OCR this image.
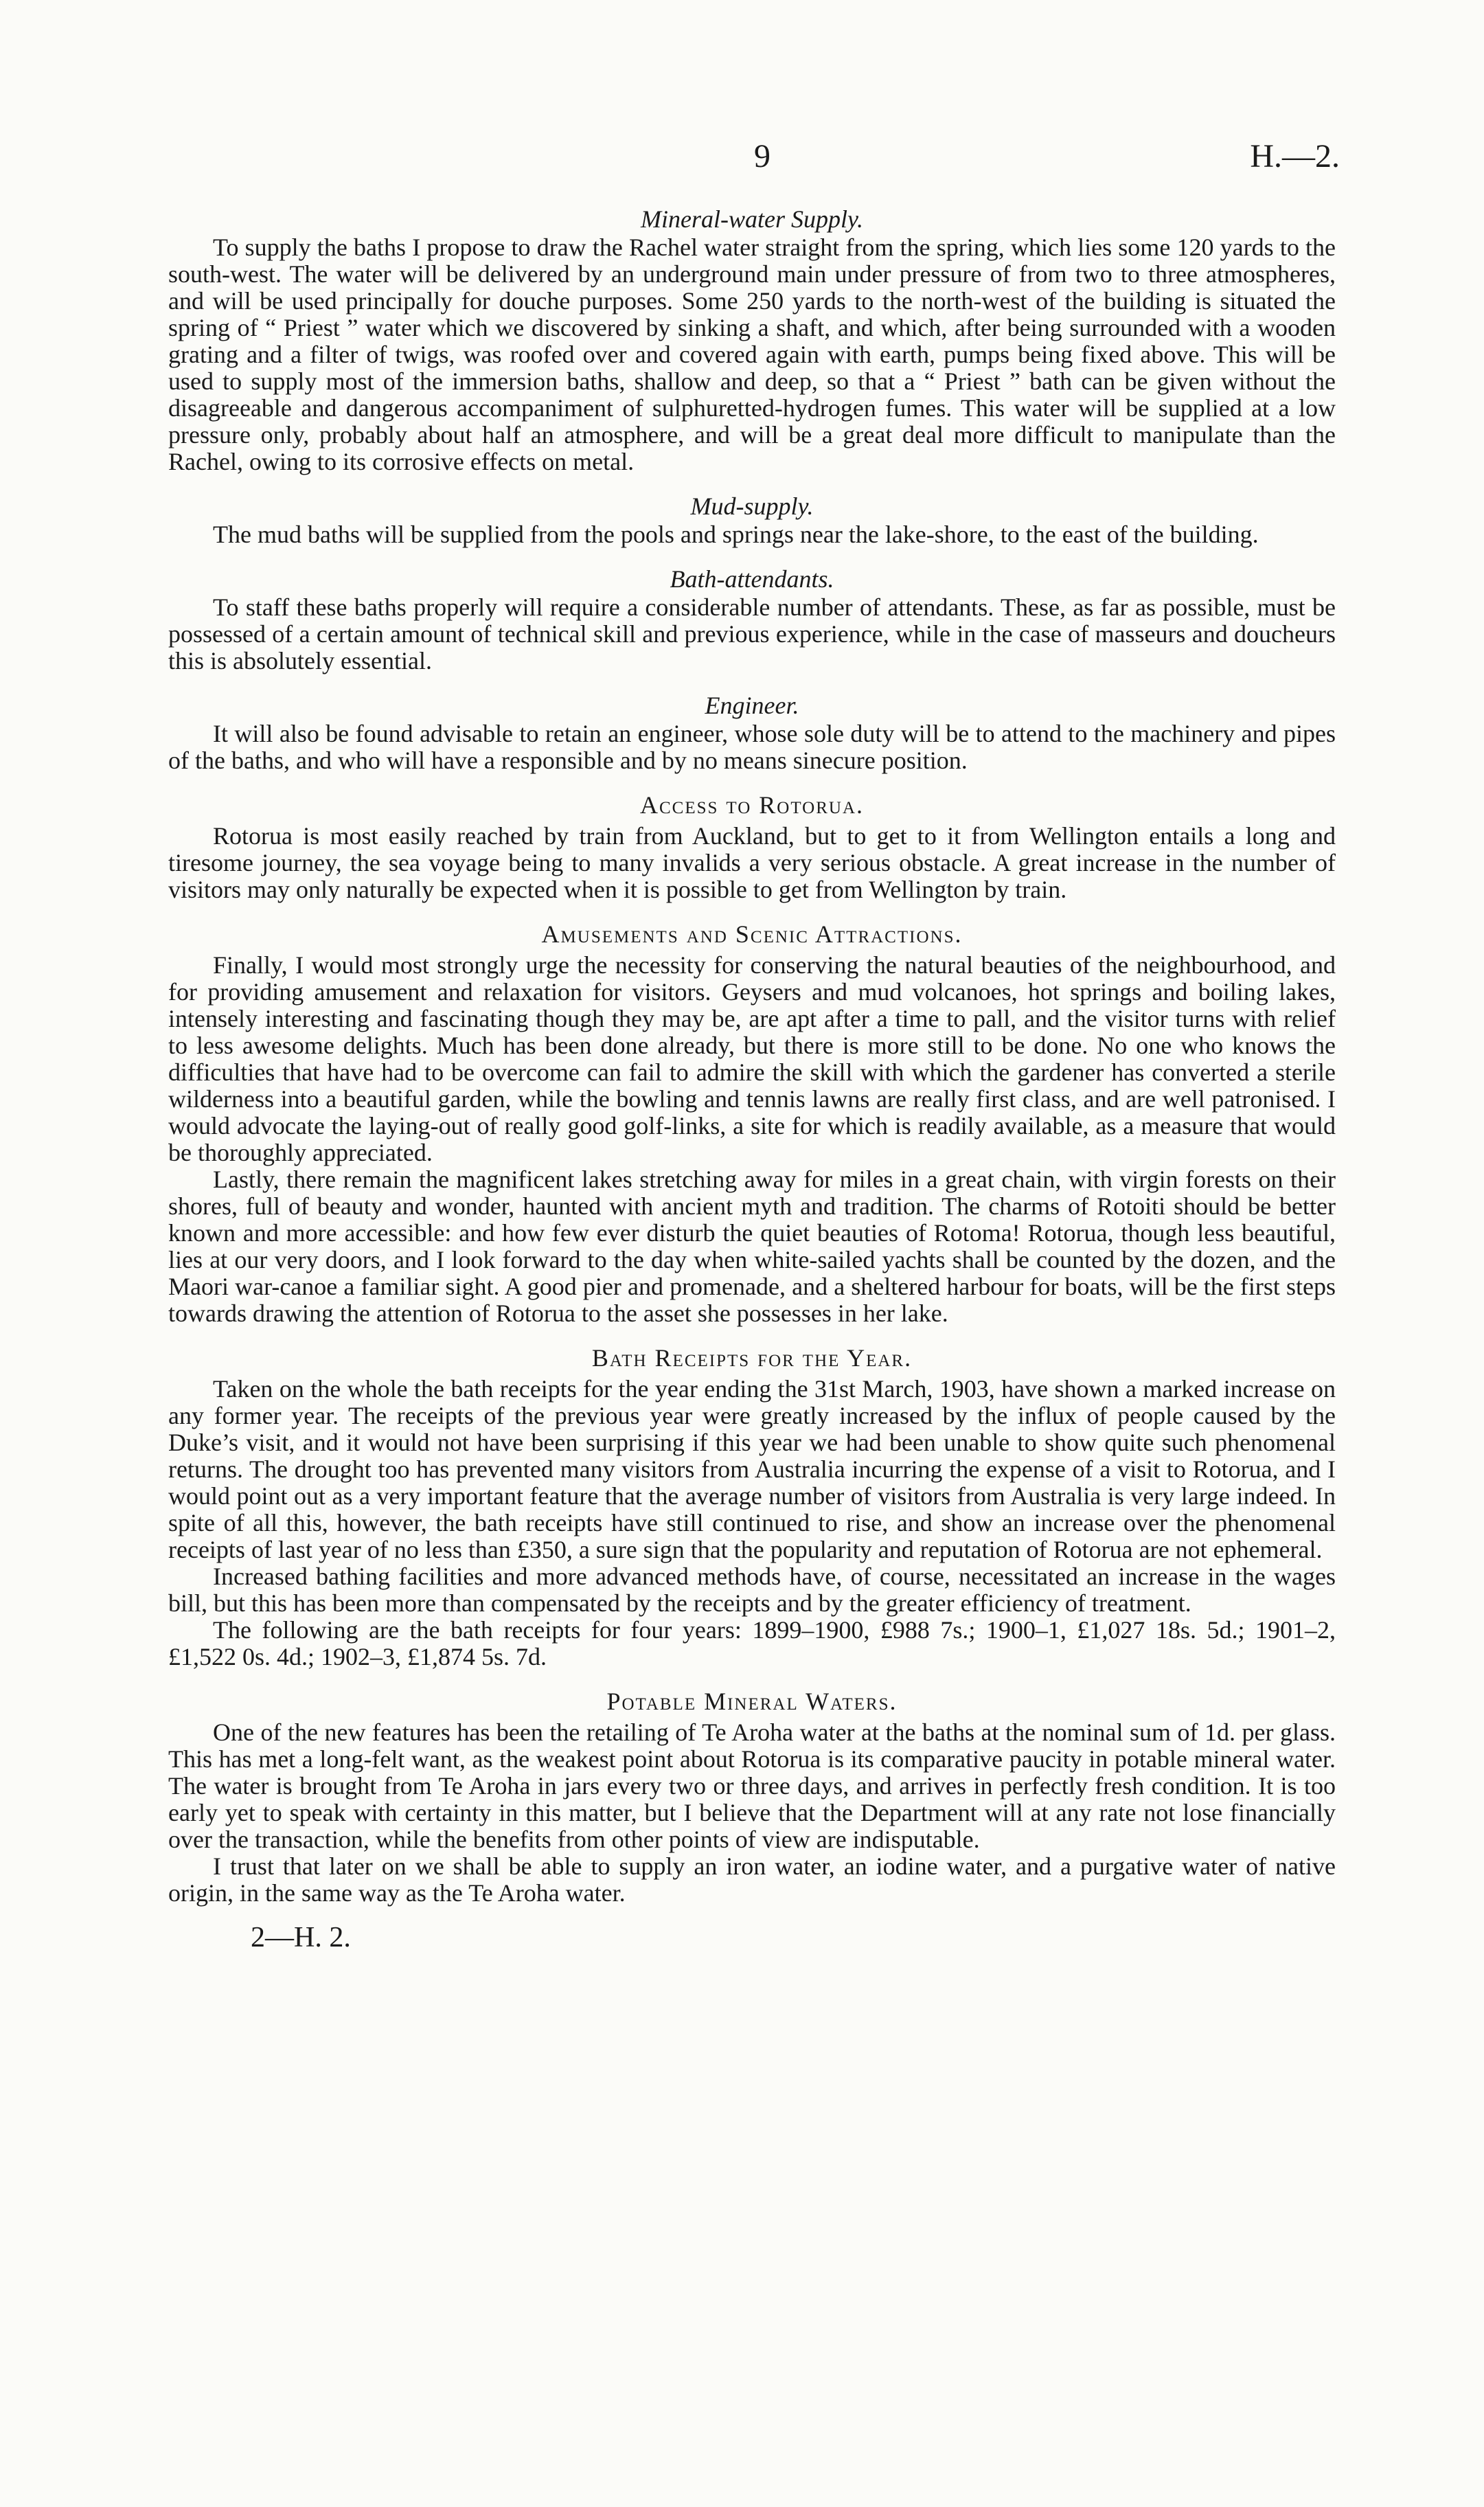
9	H.—2.
Mineral-water Supply.

To supply the baths I propose to draw the Rachel water straight from the spring, which lies some 120 yards to the south-west. The water will be delivered by an underground main under pressure of from two to three atmospheres, and will be used principally for douche purposes. Some 250 yards to the north-west of the building is situated the spring of “ Priest ” water which we discovered by sinking a shaft, and which, after being surrounded with a wooden grating and a filter of twigs, was roofed over and covered again with earth, pumps being fixed above. This will be used to supply most of the immersion baths, shallow and deep, so that a “ Priest ” bath can be given without the disagreeable and dangerous accompaniment of sulphuretted-hydrogen fumes. This water will be supplied at a low pressure only, probably about half an atmosphere, and will be a great deal more difficult to manipulate than the Rachel, owing to its corrosive effects on metal.

Mud-supply.

The mud baths will be supplied from the pools and springs near the lake-shore, to the east of the building.

Bath-attendants.

To staff these baths properly will require a considerable number of attendants. These, as far as possible, must be possessed of a certain amount of technical skill and previous experience, while in the case of masseurs and doucheurs this is absolutely essential.

Engineer.

It will also be found advisable to retain an engineer, whose sole duty will be to attend to the machinery and pipes of the baths, and who will have a responsible and by no means sinecure position.

Access to Rotorua.

Rotorua is most easily reached by train from Auckland, but to get to it from Wellington entails a long and tiresome journey, the sea voyage being to many invalids a very serious obstacle. A great increase in the number of visitors may only naturally be expected when it is possible to get from Wellington by train.

Amusements and Scenic Attractions.

Finally, I would most strongly urge the necessity for conserving the natural beauties of the neighbourhood, and for providing amusement and relaxation for visitors. Geysers and mud volcanoes, hot springs and boiling lakes, intensely interesting and fascinating though they may be, are apt after a time to pall, and the visitor turns with relief to less awesome delights. Much has been done already, but there is more still to be done. No one who knows the difficulties that have had to be overcome can fail to admire the skill with which the gardener has converted a sterile wilderness into a beautiful garden, while the bowling and tennis lawns are really first class, and are well patronised. I would advocate the laying-out of really good golf-links, a site for which is readily available, as a measure that would be thoroughly appreciated.

Lastly, there remain the magnificent lakes stretching away for miles in a great chain, with virgin forests on their shores, full of beauty and wonder, haunted with ancient myth and tradition. The charms of Rotoiti should be better known and more accessible: and how few ever disturb the quiet beauties of Rotoma! Rotorua, though less beautiful, lies at our very doors, and I look forward to the day when white-sailed yachts shall be counted by the dozen, and the Maori war-canoe a familiar sight. A good pier and promenade, and a sheltered harbour for boats, will be the first steps towards drawing the attention of Rotorua to the asset she possesses in her lake.

Bath Receipts for the Year.

Taken on the whole the bath receipts for the year ending the 31st March, 1903, have shown a marked increase on any former year. The receipts of the previous year were greatly increased by the influx of people caused by the Duke’s visit, and it would not have been surprising if this year we had been unable to show quite such phenomenal returns. The drought too has prevented many visitors from Australia incurring the expense of a visit to Rotorua, and I would point out as a very important feature that the average number of visitors from Australia is very large indeed. In spite of all this, however, the bath receipts have still continued to rise, and show an increase over the phenomenal receipts of last year of no less than £350, a sure sign that the popularity and reputation of Rotorua are not ephemeral.

Increased bathing facilities and more advanced methods have, of course, necessitated an increase in the wages bill, but this has been more than compensated by the receipts and by the greater efficiency of treatment.

The following are the bath receipts for four years: 1899–1900, £988 7s.; 1900–1, £1,027 18s. 5d.; 1901–2, £1,522 0s. 4d.; 1902–3, £1,874 5s. 7d.

Potable Mineral Waters.

One of the new features has been the retailing of Te Aroha water at the baths at the nominal sum of 1d. per glass. This has met a long-felt want, as the weakest point about Rotorua is its comparative paucity in potable mineral water. The water is brought from Te Aroha in jars every two or three days, and arrives in perfectly fresh condition. It is too early yet to speak with certainty in this matter, but I believe that the Department will at any rate not lose financially over the transaction, while the benefits from other points of view are indisputable.

I trust that later on we shall be able to supply an iron water, an iodine water, and a purgative water of native origin, in the same way as the Te Aroha water.

2—H. 2.
